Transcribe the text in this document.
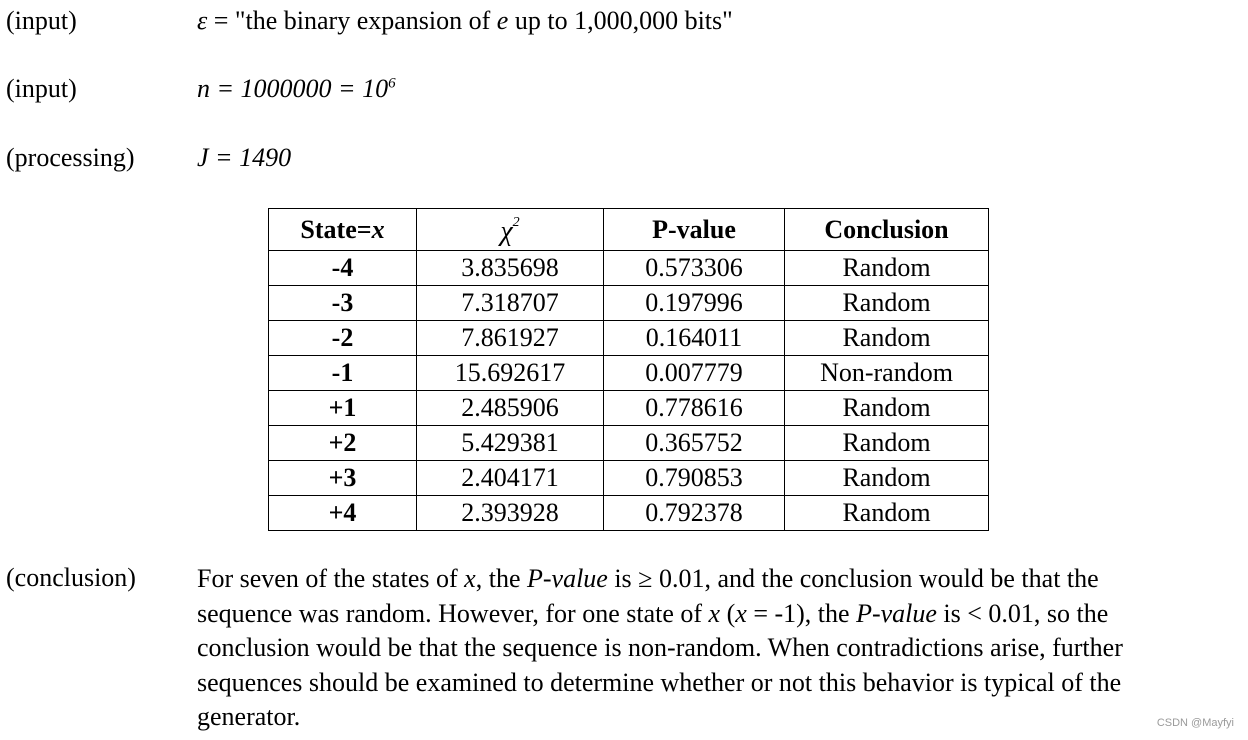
(input)	ε = "the binary expansion of e up to 1,000,000 bits"
(input)	$n = 1000000 = 10^6$
(processing) J = 1490
State=x	$\chi^2$	P-value	Conclusion
-4	3.835698	0.573306	Random
-3	7.318707	0.197996	Random
-2	7.861927	0.164011	Random
-1	15.692617	0.007779	Non-random
+1	2.485906	0.778616	Random
+2	5.429381	0.365752	Random
+3	2.404171	0.790853	Random
+4	2.393928	0.792378	Random
(conclusion) For seven of the states of x, the P-value is ≥ 0.01, and the conclusion would be that the

sequence was random. However, for one state of x (x = -1), the P-value is < 0.01, so the

conclusion would be that the sequence is non-random. When contradictions arise, further

sequences should be examined to determine whether or not this behavior is typical of the

generator.	CSDN @Mayfyi
